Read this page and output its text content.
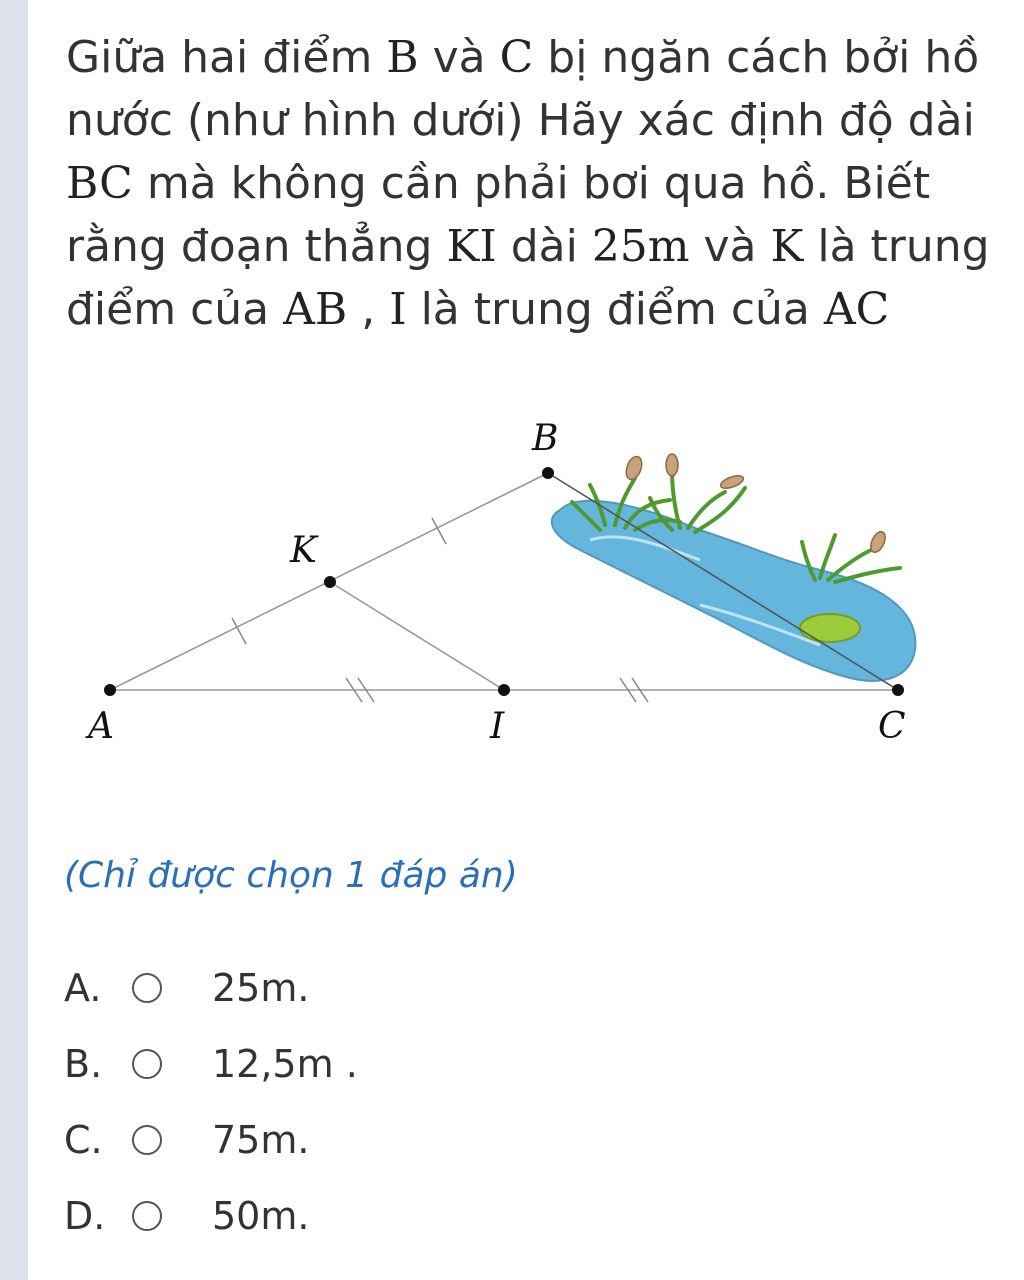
Giữa hai điểm B và C bị ngăn cách bởi hồ nước (như hình dưới) Hãy xác định độ dài BC mà không cần phải bơi qua hồ. Biết rằng đoạn thẳng KI dài 25m và K là trung điểm của AB , I là trung điểm của AC

A
B
C
K
I

(Chỉ được chọn 1 đáp án)

A.	25m.
B.	12,5m .
C.	75m.
D.	50m.
